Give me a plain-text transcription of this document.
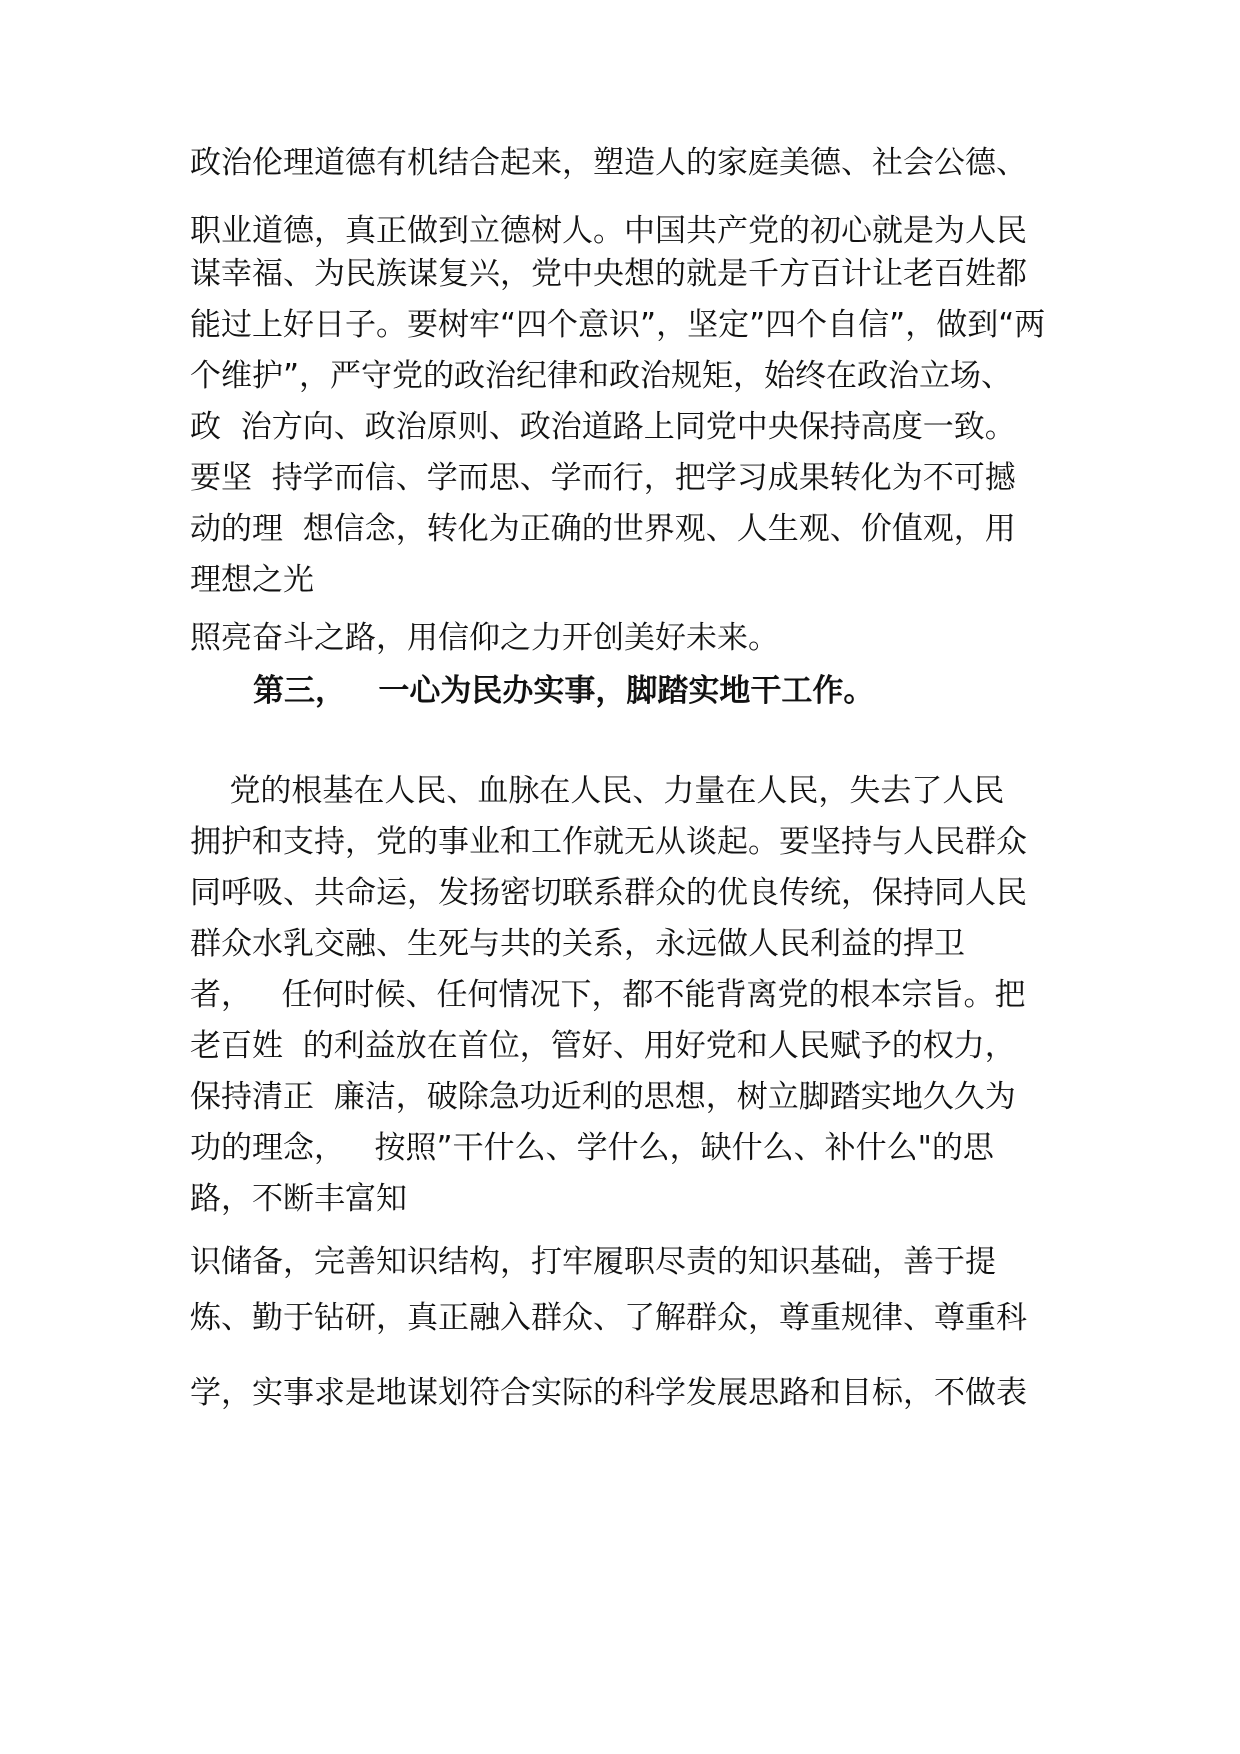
政治伦理道德有机结合起来，塑造人的家庭美德、社会公德、
职业道德，真正做到立德树人。中国共产党的初心就是为人民
谋幸福、为民族谋复兴，党中央想的就是千方百计让老百姓都
能过上好日子。要树牢“四个意识”，坚定”四个自信”，做到“两
个维护”，严守党的政治纪律和政治规矩，始终在政治立场、
政  治方向、政治原则、政治道路上同党中央保持高度一致。
要坚  持学而信、学而思、学而行，把学习成果转化为不可撼
动的理  想信念，转化为正确的世界观、人生观、价值观，用
理想之光
照亮奋斗之路，用信仰之力开创美好未来。
第三，   一心为民办实事，脚踏实地干工作。
党的根基在人民、血脉在人民、力量在人民，失去了人民
拥护和支持，党的事业和工作就无从谈起。要坚持与人民群众
同呼吸、共命运，发扬密切联系群众的优良传统，保持同人民
群众水乳交融、生死与共的关系，永远做人民利益的捍卫
者，   任何时候、任何情况下，都不能背离党的根本宗旨。把
老百姓  的利益放在首位，管好、用好党和人民赋予的权力，
保持清正  廉洁，破除急功近利的思想，树立脚踏实地久久为
功的理念，   按照”干什么、学什么，缺什么、补什么"的思
路，不断丰富知
识储备，完善知识结构，打牢履职尽责的知识基础，善于提
炼、勤于钻研，真正融入群众、了解群众，尊重规律、尊重科
学，实事求是地谋划符合实际的科学发展思路和目标，不做表
